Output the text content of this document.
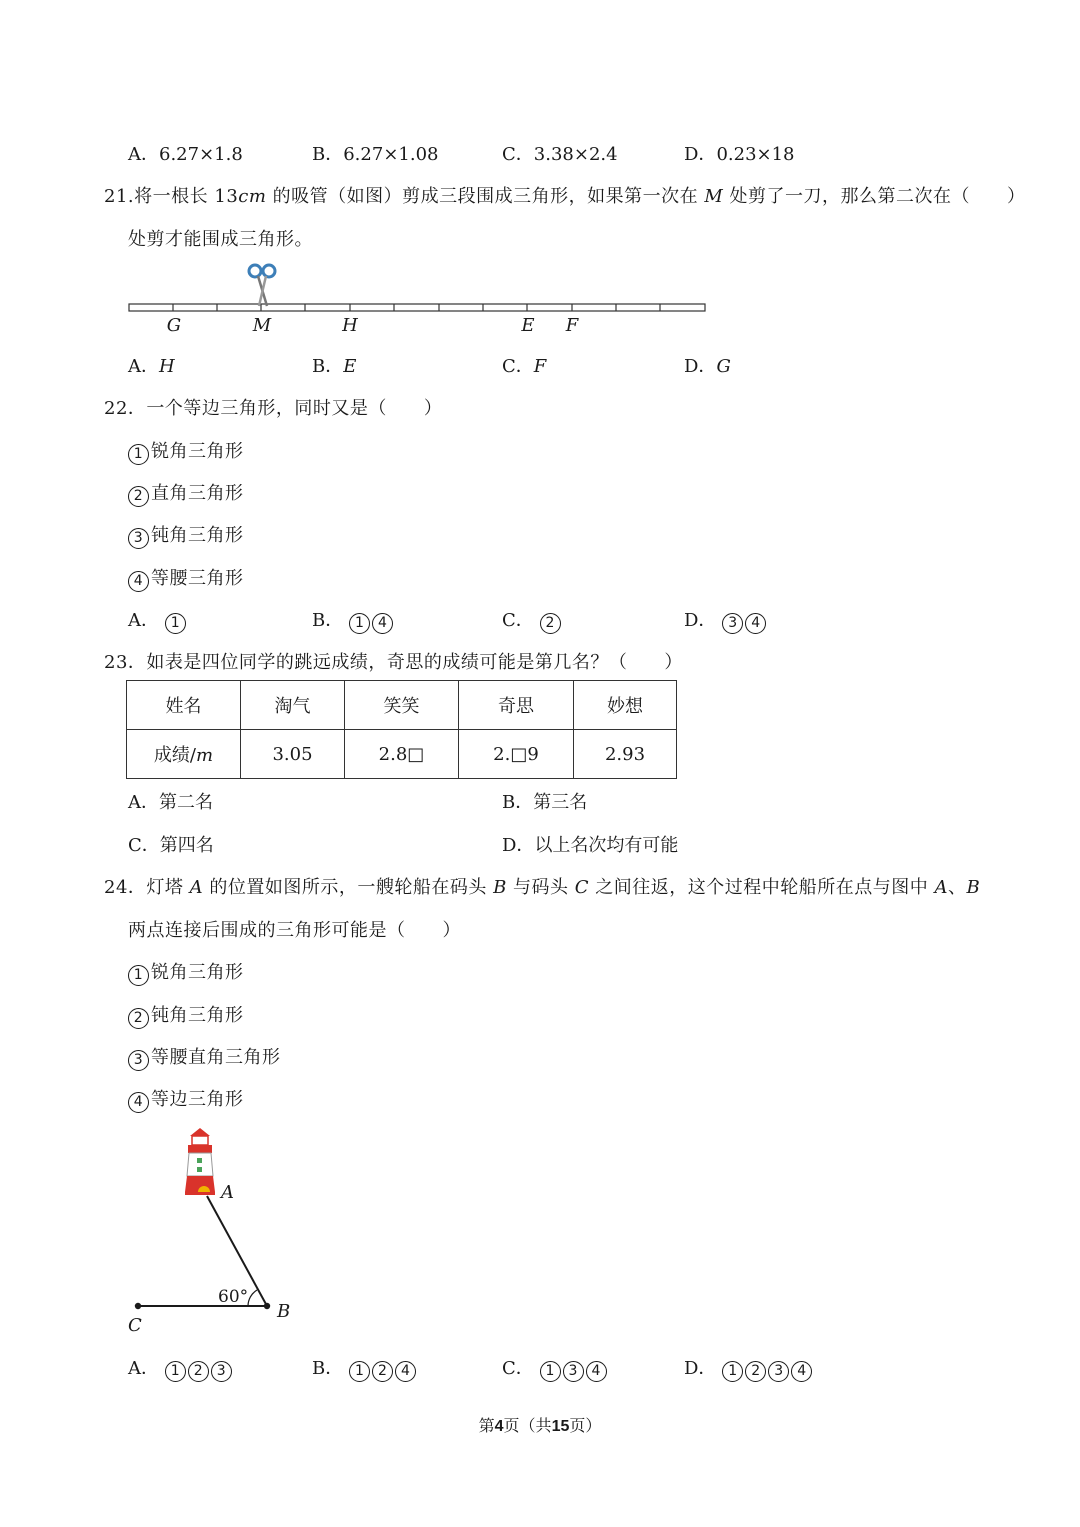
A．6.27×1.8	B．6.27×1.08	C．3.38×2.4	D．0.23×18
21.将一根长 13cm 的吸管（如图）剪成三段围成三角形，如果第一次在 M 处剪了一刀，那么第二次在（　　）
处剪才能围成三角形。
G	M	H	E F
A．H	B．E	C．F	D．G
22．一个等边三角形，同时又是（　　）
1 锐角三角形
2 直角三角形
3 钝角三角形
4 等腰三角形
A． 1	B． 1 4	C． 2	D． 3 4
23．如表是四位同学的跳远成绩，奇思的成绩可能是第几名？（　　）
姓名	淘气	笑笑	奇思	妙想
成绩/m	3.05	2.8□	2.□9	2.93
A．第二名	B．第三名
C．第四名	D．以上名次均有可能
24．灯塔 A 的位置如图所示，一艘轮船在码头 B 与码头 C 之间往返，这个过程中轮船所在点与图中 A、B
两点连接后围成的三角形可能是（　　）
1 锐角三角形
2 钝角三角形
3 等腰直角三角形
4 等边三角形
60°
A
B
C
A． 1 2 3	B． 1 2 4	C． 1 3 4	D． 1 2 3 4
第4页（共15页）
